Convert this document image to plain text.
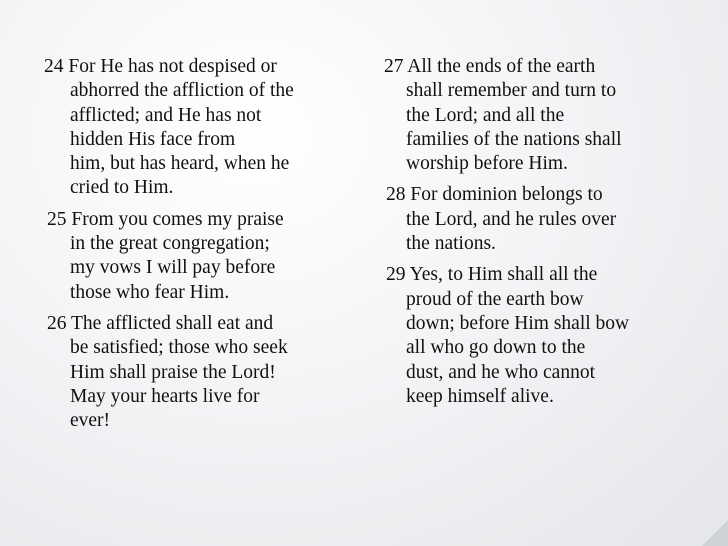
24 For He has not despised or
abhorred the affliction of the
afflicted; and He has not
hidden His face from
him, but has heard, when he
cried to Him.

25 From you comes my praise
in the great congregation;
my vows I will pay before
those who fear Him.

26 The afflicted shall eat and
be satisfied; those who seek
Him shall praise the Lord!
May your hearts live for
ever!

27 All the ends of the earth
shall remember and turn to
the Lord; and all the
families of the nations shall
worship before Him.

28 For dominion belongs to
the Lord, and he rules over
the nations.

29 Yes, to Him shall all the
proud of the earth bow
down; before Him shall bow
all who go down to the
dust, and he who cannot
keep himself alive.
